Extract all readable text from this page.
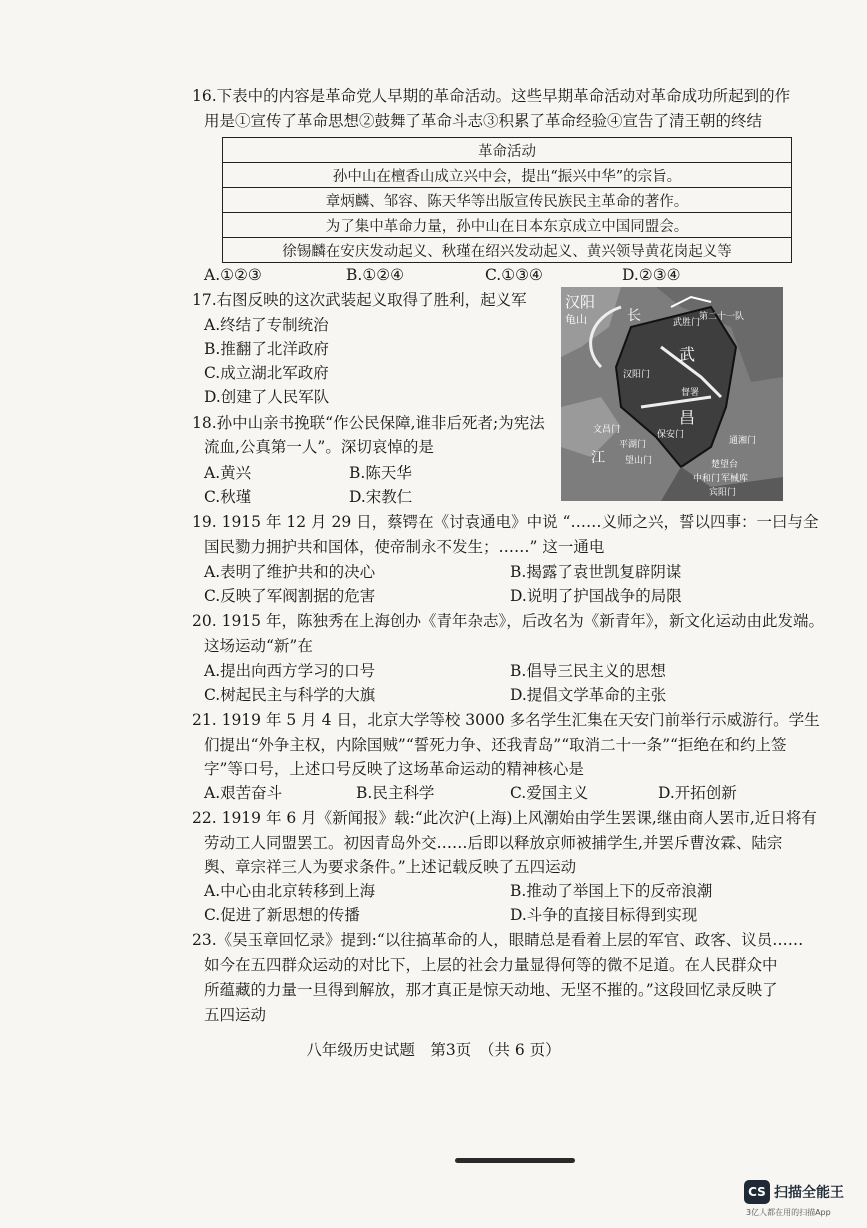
16.下表中的内容是革命党人早期的革命活动。这些早期革命活动对革命成功所起到的作
用是①宣传了革命思想②鼓舞了革命斗志③积累了革命经验④宣告了清王朝的终结
革命活动
孙中山在檀香山成立兴中会，提出“振兴中华”的宗旨。
章炳麟、邹容、陈天华等出版宣传民族民主革命的著作。
为了集中革命力量，孙中山在日本东京成立中国同盟会。
徐锡麟在安庆发动起义、秋瑾在绍兴发动起义、黄兴领导黄花岗起义等
A.①②③	B.①②④	C.①③④	D.②③④
17.右图反映的这次武装起义取得了胜利，起义军
A.终结了专制统治
B.推翻了北洋政府
C.成立湖北军政府
D.创建了人民军队
汉阳
龟山	长	武胜门
第二十一队
武
汉阳门
督署
昌
文昌门
江
平湖门	通湘门
楚望台
中和门 军械库
保安门
望山门
宾阳门
18.孙中山亲书挽联“作公民保障,谁非后死者;为宪法
流血,公真第一人”。深切哀悼的是
A.黄兴	B.陈天华
C.秋瑾	D.宋教仁
19. 1915 年 12 月 29 日，蔡锷在《讨袁通电》中说 “……义师之兴，誓以四事：一曰与全
国民勠力拥护共和国体，使帝制永不发生；……” 这一通电
A.表明了维护共和的决心	B.揭露了袁世凯复辟阴谋
C.反映了军阀割据的危害	D.说明了护国战争的局限
20. 1915 年，陈独秀在上海创办《青年杂志》，后改名为《新青年》，新文化运动由此发端。
这场运动“新”在
A.提出向西方学习的口号	B.倡导三民主义的思想
C.树起民主与科学的大旗	D.提倡文学革命的主张
21. 1919 年 5 月 4 日，北京大学等校 3000 多名学生汇集在天安门前举行示威游行。学生
们提出“外争主权，内除国贼”“誓死力争、还我青岛”“取消二十一条”“拒绝在和约上签
字”等口号，上述口号反映了这场革命运动的精神核心是
A.艰苦奋斗	B.民主科学	C.爱国主义	D.开拓创新
22. 1919 年 6 月《新闻报》载:“此次沪(上海)上风潮始由学生罢课,继由商人罢市,近日将有
劳动工人同盟罢工。初因青岛外交……后即以释放京师被捕学生,并罢斥曹汝霖、陆宗
舆、章宗祥三人为要求条件。”上述记载反映了五四运动
A.中心由北京转移到上海	B.推动了举国上下的反帝浪潮
C.促进了新思想的传播	D.斗争的直接目标得到实现
23.《吴玉章回忆录》提到:“以往搞革命的人，眼睛总是看着上层的军官、政客、议员……
如今在五四群众运动的对比下，上层的社会力量显得何等的微不足道。在人民群众中
所蕴藏的力量一旦得到解放，那才真正是惊天动地、无坚不摧的。”这段回忆录反映了
五四运动
八年级历史试题　第3页　（共 6 页）
CS 扫描全能王
3亿人都在用的扫描App
